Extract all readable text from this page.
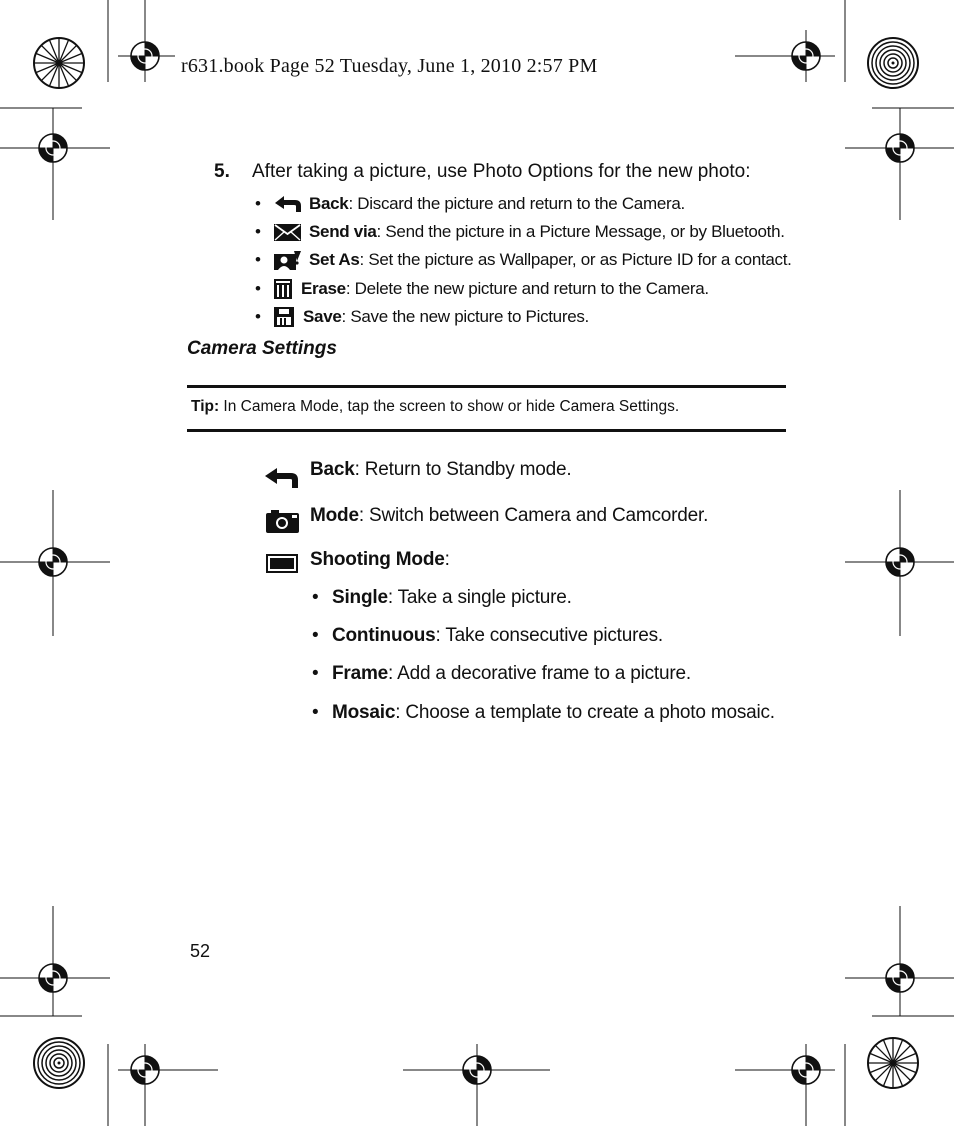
r631.book Page 52 Tuesday, June 1, 2010 2:57 PM
5. After taking a picture, use Photo Options for the new photo:
•	Back : Discard the picture and return to the Camera.
•	Send via : Send the picture in a Picture Message, or by Bluetooth.
•	Set As : Set the picture as Wallpaper, or as Picture ID for a contact.
•	Erase : Delete the new picture and return to the Camera.
•	Save : Save the new picture to Pictures.
Camera Settings
Tip: In Camera Mode, tap the screen to show or hide Camera Settings.
Back: Return to Standby mode.
Mode: Switch between Camera and Camcorder.
Shooting Mode:
• Single: Take a single picture.
• Continuous: Take consecutive pictures.
• Frame: Add a decorative frame to a picture.
• Mosaic: Choose a template to create a photo mosaic.
52
